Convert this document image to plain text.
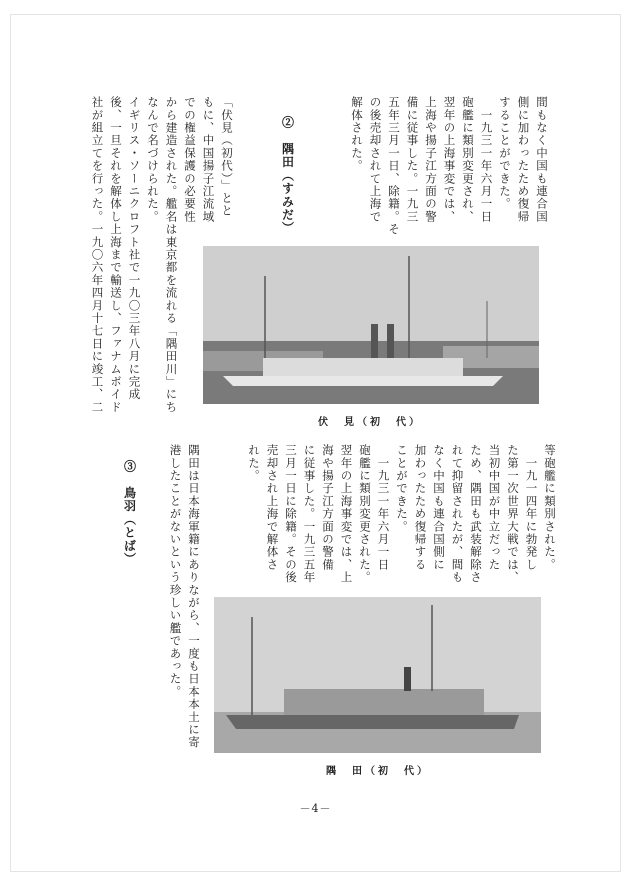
間もなく中国も連合国
側に加わったため復帰
することができた。
　一九三一年六月一日
砲艦に類別変更され、
翌年の上海事変では、
上海や揚子江方面の警
備に従事した。一九三
五年三月一日、除籍。そ
の後売却されて上海で
解体された。
②　隅田（すみだ）
「伏見（初代）」とと
もに、中国揚子江流域
での権益保護の必要性
から建造された。艦名は東京都を流れる「隅田川」にち
なんで名づけられた。
イギリス・ソーニクロフト社で一九〇三年八月に完成
後、一旦それを解体し上海まで輸送し、ファナムボイド
社が組立てを行った。一九〇六年四月十七日に竣工、二
伏　見（初　代）
等砲艦に類別された。
　一九一四年に勃発し
た第一次世界大戦では、
当初中国が中立だった
ため、隅田も武装解除さ
れて抑留されたが、間も
なく中国も連合国側に
加わったため復帰する
ことができた。
　一九三一年六月一日
砲艦に類別変更された。
翌年の上海事変では、上
海や揚子江方面の警備
に従事した。一九三五年
三月一日に除籍。その後
売却され上海で解体さ
れた。
隅田は日本海軍籍にありながら、一度も日本本土に寄
港したことがないという珍しい艦であった。
③　鳥羽（とば）
隅　田（初　代）
－4－
